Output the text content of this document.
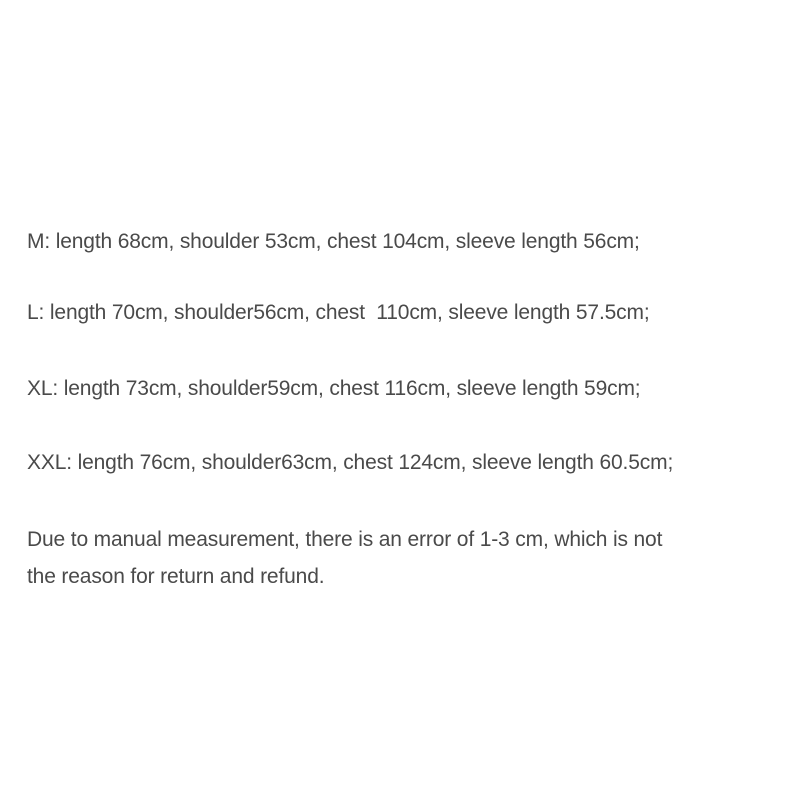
M: length 68cm, shoulder 53cm, chest 104cm, sleeve length 56cm;
L: length 70cm, shoulder56cm, chest  110cm, sleeve length 57.5cm;
XL: length 73cm, shoulder59cm, chest 116cm, sleeve length 59cm;
XXL: length 76cm, shoulder63cm, chest 124cm, sleeve length 60.5cm;
Due to manual measurement, there is an error of 1-3 cm, which is not
the reason for return and refund.
